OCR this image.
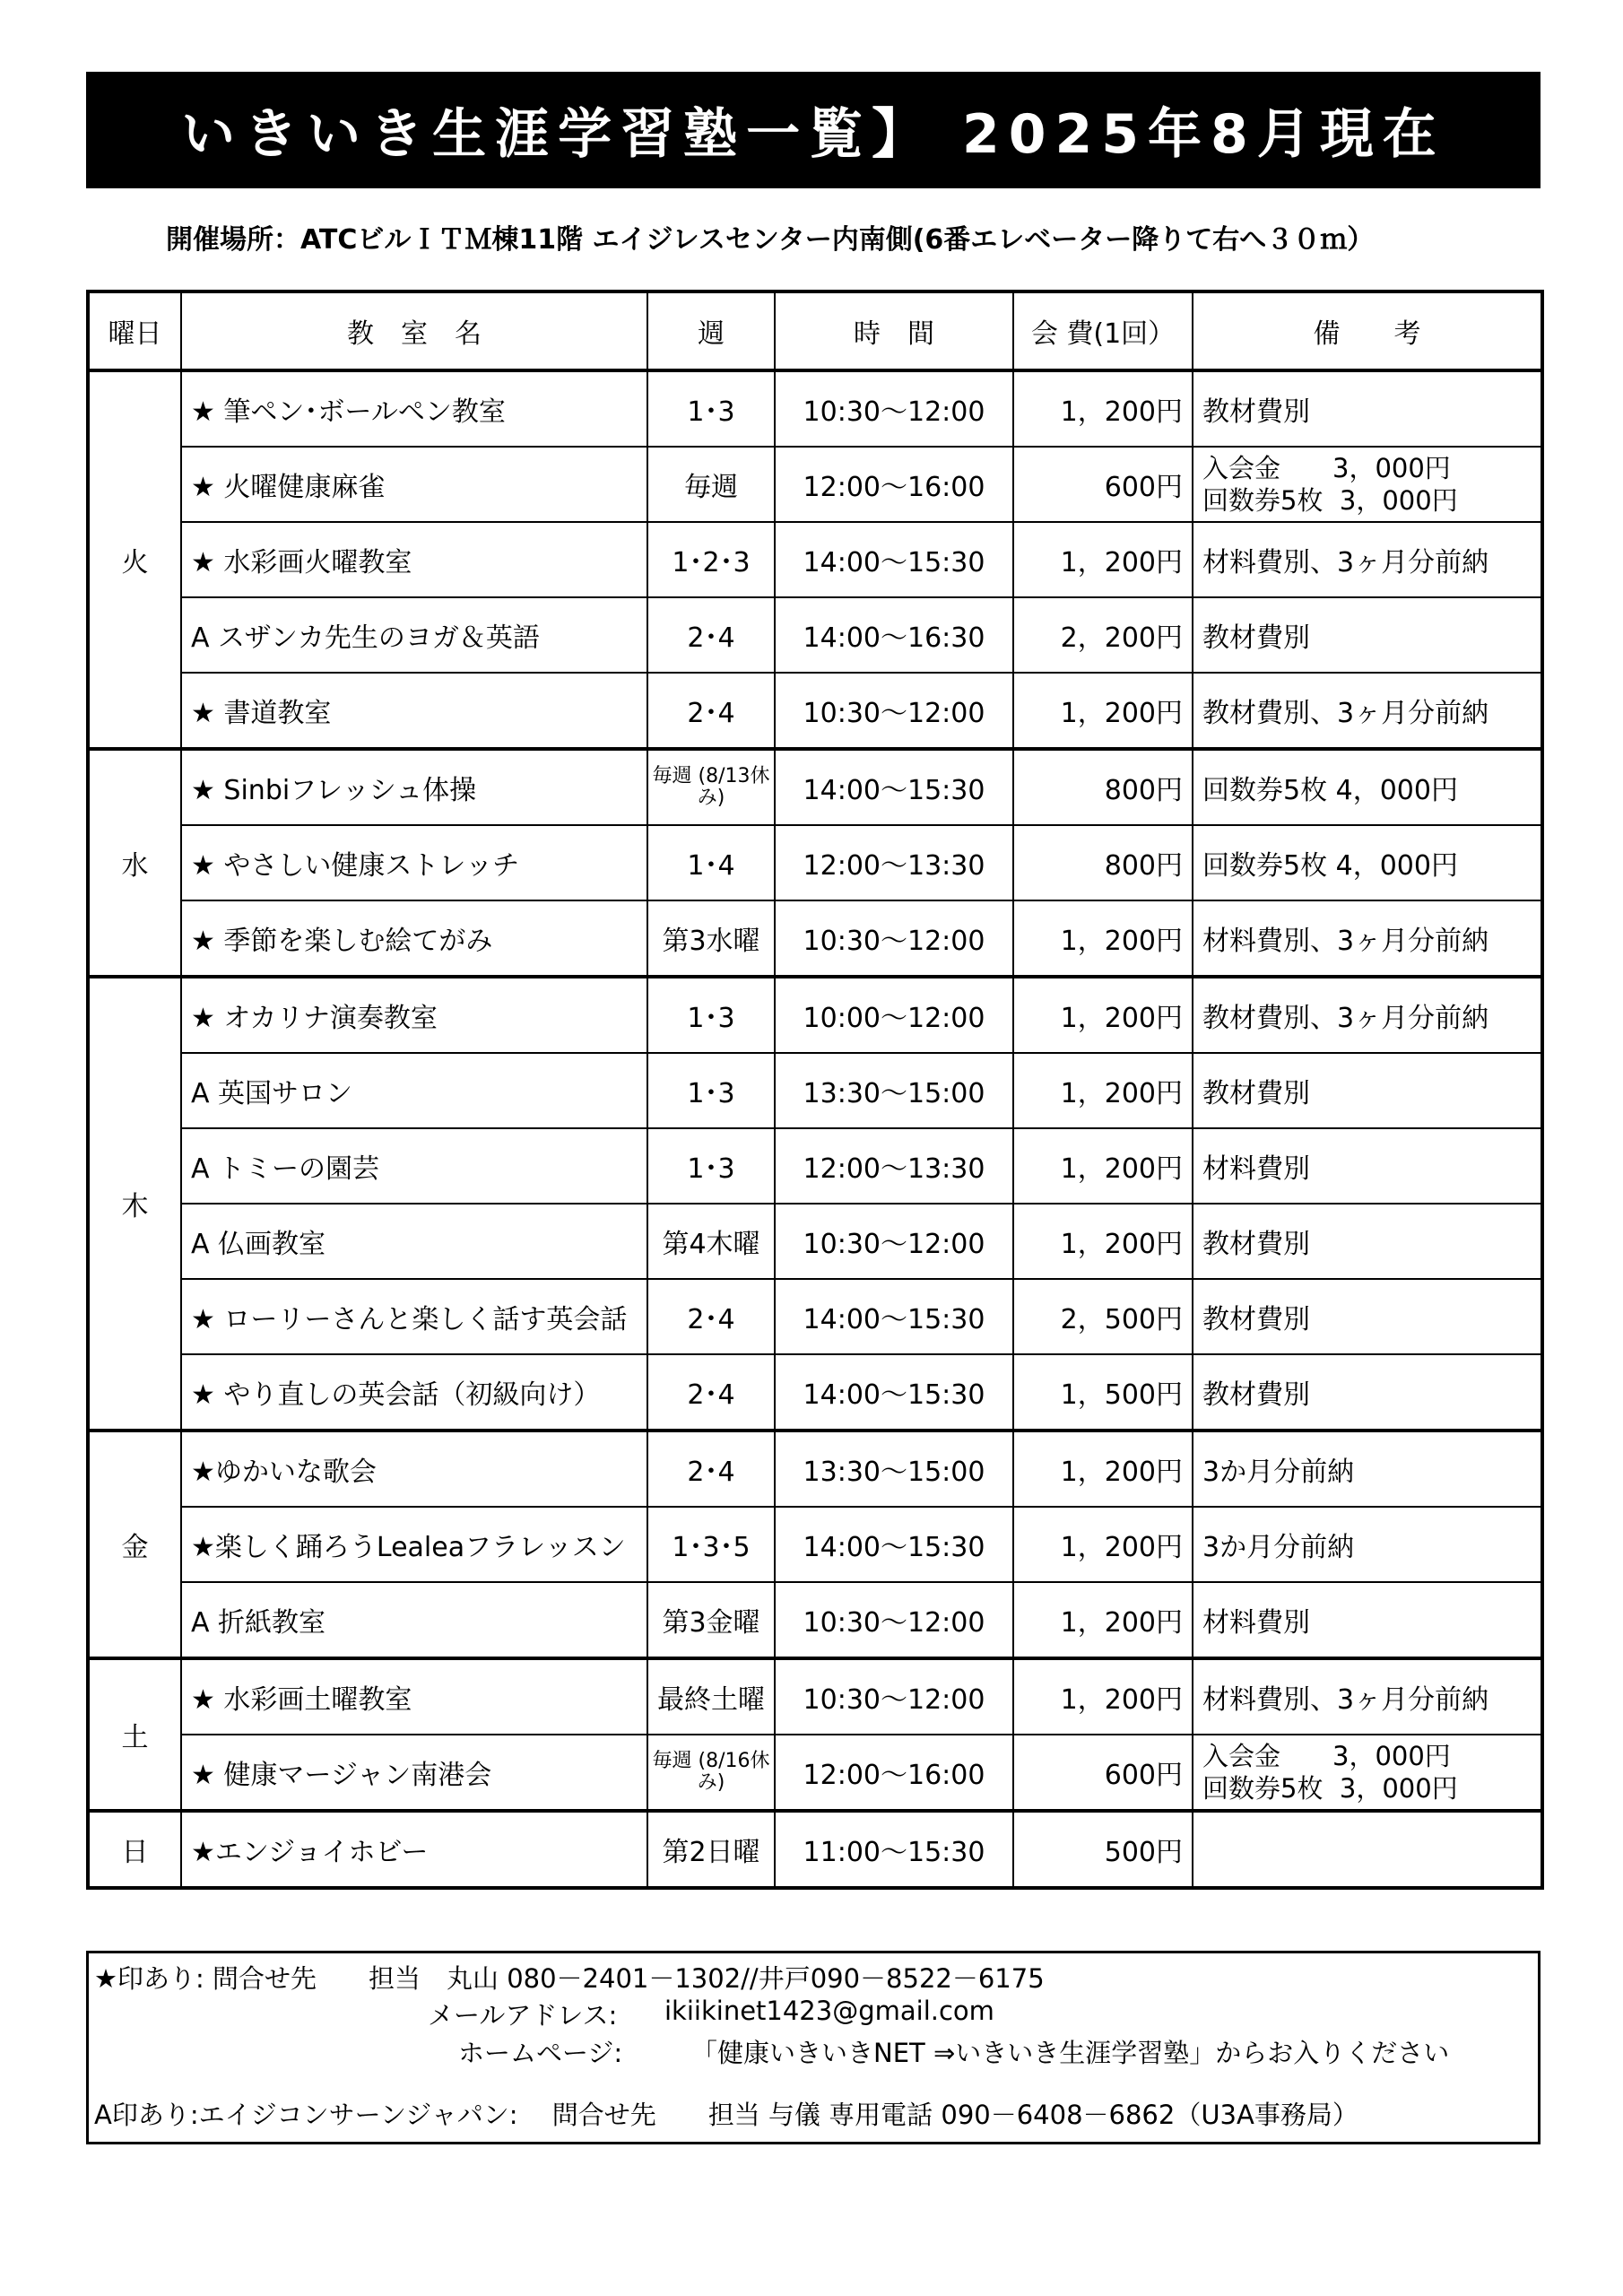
いきいき生涯学習塾一覧】 2025年8月現在
開催場所：ATCビルＩＴＭ棟11階 エイジレスセンター内南側(6番エレベーター降りて右へ３０ｍ）
曜日	教　室　名	週	時　間	会 費(1回）	備　　考
火	★ 筆ペン･ボールペン教室	1･3	10:30～12:00	1，200円	教材費別
	★ 火曜健康麻雀	毎週	12:00～16:00	600円	入会金　　3，000円
回数券5枚  3，000円

	★ 水彩画火曜教室	1･2･3	14:00～15:30	1，200円	材料費別、3ヶ月分前納
	A スザンカ先生のヨガ＆英語	2･4	14:00～16:30	2，200円	教材費別
	★ 書道教室	2･4	10:30～12:00	1，200円	教材費別、3ヶ月分前納
水	★ Sinbiフレッシュ体操	毎週 (8/13休み)	14:00～15:30	800円	回数券5枚 4，000円
	★ やさしい健康ストレッチ	1･4	12:00～13:30	800円	回数券5枚 4，000円
	★ 季節を楽しむ絵てがみ	第3水曜	10:30～12:00	1，200円	材料費別、3ヶ月分前納
木	★ オカリナ演奏教室	1･3	10:00～12:00	1，200円	教材費別、3ヶ月分前納
	A 英国サロン	1･3	13:30～15:00	1，200円	教材費別
	A トミーの園芸	1･3	12:00～13:30	1，200円	材料費別
	A 仏画教室	第4木曜	10:30～12:00	1，200円	教材費別
	★ ローリーさんと楽しく話す英会話	2･4	14:00～15:30	2，500円	教材費別
	★ やり直しの英会話（初級向け）	2･4	14:00～15:30	1，500円	教材費別
金	★ゆかいな歌会	2･4	13:30～15:00	1，200円	3か月分前納
	★楽しく踊ろうLealeaフラレッスン	1･3･5	14:00～15:30	1，200円	3か月分前納
	A 折紙教室	第3金曜	10:30～12:00	1，200円	材料費別
土	★ 水彩画土曜教室	最終土曜	10:30～12:00	1，200円	材料費別、3ヶ月分前納
	★ 健康マージャン南港会	毎週 (8/16休み)	12:00～16:00	600円	入会金　　3，000円
回数券5枚  3，000円

日	★エンジョイホビー	第2日曜	11:00～15:30	500円	
★印あり: 問合せ先　　担当　丸山 080－2401－1302//井戸090－8522－6175
メールアドレス: ikiikinet1423@gmail.com
ホームページ:	「健康いきいきNET ⇒いきいき生涯学習塾」からお入りください
A印あり:エイジコンサーンジャパン:　 問合せ先　　担当 与儀 専用電話 090－6408－6862（U3A事務局）
